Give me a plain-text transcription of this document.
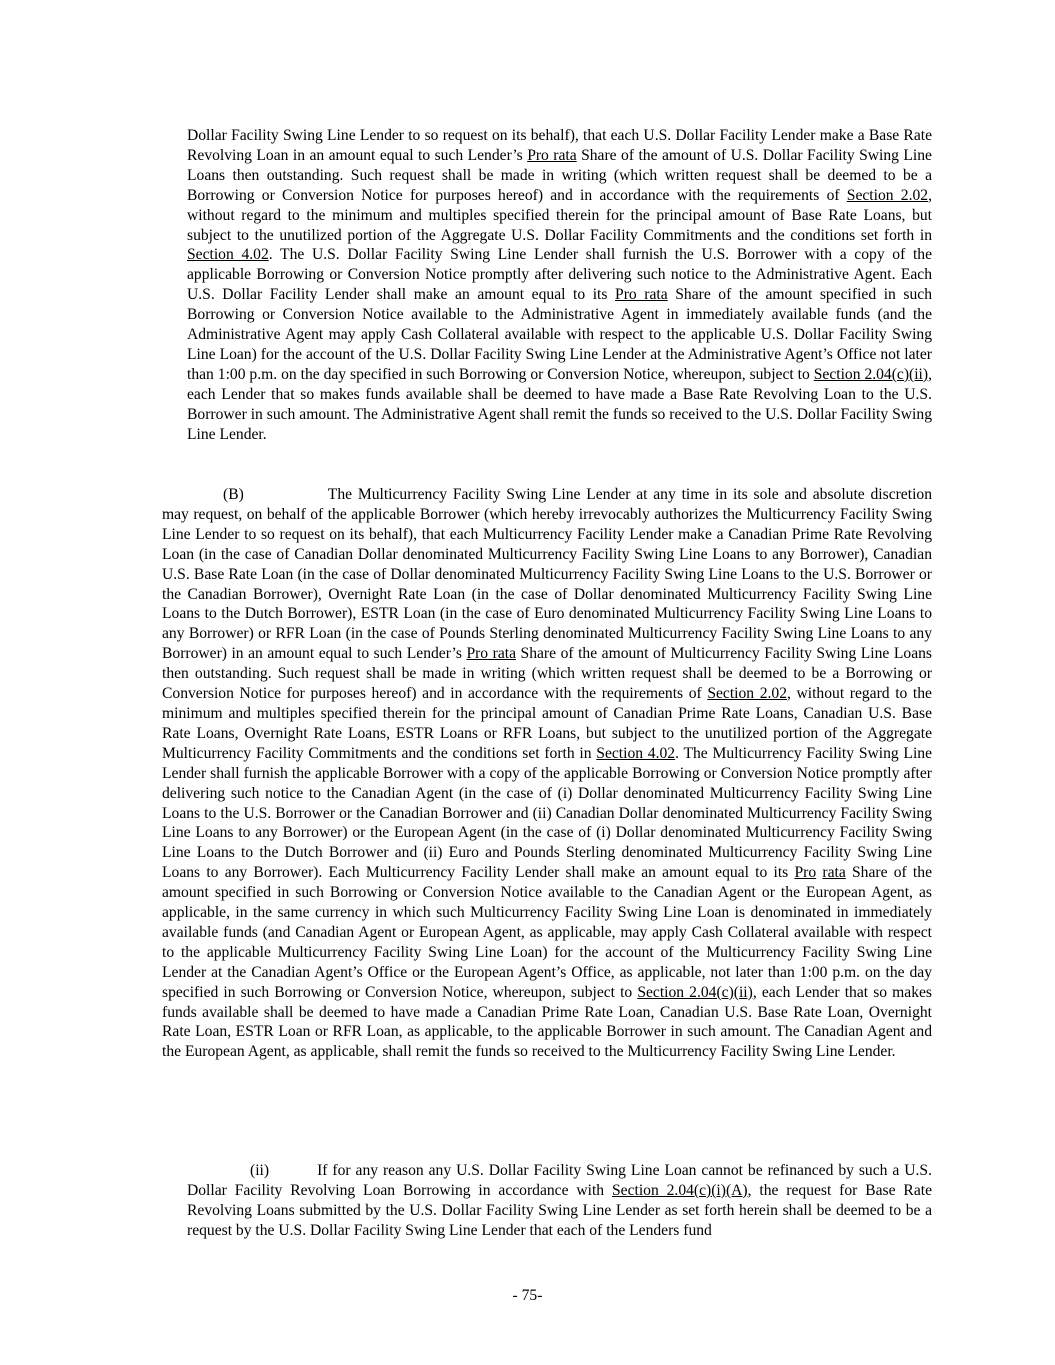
Dollar Facility Swing Line Lender to so request on its behalf), that each U.S. Dollar Facility Lender make a Base Rate Revolving Loan in an amount equal to such Lender’s Pro rata Share of the amount of U.S. Dollar Facility Swing Line Loans then outstanding. Such request shall be made in writing (which written request shall be deemed to be a Borrowing or Conversion Notice for purposes hereof) and in accordance with the requirements of Section 2.02, without regard to the minimum and multiples specified therein for the principal amount of Base Rate Loans, but subject to the unutilized portion of the Aggregate U.S. Dollar Facility Commitments and the conditions set forth in Section 4.02. The U.S. Dollar Facility Swing Line Lender shall furnish the U.S. Borrower with a copy of the applicable Borrowing or Conversion Notice promptly after delivering such notice to the Administrative Agent. Each U.S. Dollar Facility Lender shall make an amount equal to its Pro rata Share of the amount specified in such Borrowing or Conversion Notice available to the Administrative Agent in immediately available funds (and the Administrative Agent may apply Cash Collateral available with respect to the applicable U.S. Dollar Facility Swing Line Loan) for the account of the U.S. Dollar Facility Swing Line Lender at the Administrative Agent’s Office not later than 1:00 p.m. on the day specified in such Borrowing or Conversion Notice, whereupon, subject to Section 2.04(c)(ii), each Lender that so makes funds available shall be deemed to have made a Base Rate Revolving Loan to the U.S. Borrower in such amount. The Administrative Agent shall remit the funds so received to the U.S. Dollar Facility Swing Line Lender.
(B)	The Multicurrency Facility Swing Line Lender at any time in its sole and absolute discretion may request, on behalf of the applicable Borrower (which hereby irrevocably authorizes the Multicurrency Facility Swing Line Lender to so request on its behalf), that each Multicurrency Facility Lender make a Canadian Prime Rate Revolving Loan (in the case of Canadian Dollar denominated Multicurrency Facility Swing Line Loans to any Borrower), Canadian U.S. Base Rate Loan (in the case of Dollar denominated Multicurrency Facility Swing Line Loans to the U.S. Borrower or the Canadian Borrower), Overnight Rate Loan (in the case of Dollar denominated Multicurrency Facility Swing Line Loans to the Dutch Borrower), ESTR Loan (in the case of Euro denominated Multicurrency Facility Swing Line Loans to any Borrower) or RFR Loan (in the case of Pounds Sterling denominated Multicurrency Facility Swing Line Loans to any Borrower) in an amount equal to such Lender’s Pro rata Share of the amount of Multicurrency Facility Swing Line Loans then outstanding. Such request shall be made in writing (which written request shall be deemed to be a Borrowing or Conversion Notice for purposes hereof) and in accordance with the requirements of Section 2.02, without regard to the minimum and multiples specified therein for the principal amount of Canadian Prime Rate Loans, Canadian U.S. Base Rate Loans, Overnight Rate Loans, ESTR Loans or RFR Loans, but subject to the unutilized portion of the Aggregate Multicurrency Facility Commitments and the conditions set forth in Section 4.02. The Multicurrency Facility Swing Line Lender shall furnish the applicable Borrower with a copy of the applicable Borrowing or Conversion Notice promptly after delivering such notice to the Canadian Agent (in the case of (i) Dollar denominated Multicurrency Facility Swing Line Loans to the U.S. Borrower or the Canadian Borrower and (ii) Canadian Dollar denominated Multicurrency Facility Swing Line Loans to any Borrower) or the European Agent (in the case of (i) Dollar denominated Multicurrency Facility Swing Line Loans to the Dutch Borrower and (ii) Euro and Pounds Sterling denominated Multicurrency Facility Swing Line Loans to any Borrower). Each Multicurrency Facility Lender shall make an amount equal to its Pro rata Share of the amount specified in such Borrowing or Conversion Notice available to the Canadian Agent or the European Agent, as applicable, in the same currency in which such Multicurrency Facility Swing Line Loan is denominated in immediately available funds (and Canadian Agent or European Agent, as applicable, may apply Cash Collateral available with respect to the applicable Multicurrency Facility Swing Line Loan) for the account of the Multicurrency Facility Swing Line Lender at the Canadian Agent’s Office or the European Agent’s Office, as applicable, not later than 1:00 p.m. on the day specified in such Borrowing or Conversion Notice, whereupon, subject to Section 2.04(c)(ii), each Lender that so makes funds available shall be deemed to have made a Canadian Prime Rate Loan, Canadian U.S. Base Rate Loan, Overnight Rate Loan, ESTR Loan or RFR Loan, as applicable, to the applicable Borrower in such amount. The Canadian Agent and the European Agent, as applicable, shall remit the funds so received to the Multicurrency Facility Swing Line Lender.
(ii)	If for any reason any U.S. Dollar Facility Swing Line Loan cannot be refinanced by such a U.S. Dollar Facility Revolving Loan Borrowing in accordance with Section 2.04(c)(i)(A), the request for Base Rate Revolving Loans submitted by the U.S. Dollar Facility Swing Line Lender as set forth herein shall be deemed to be a request by the U.S. Dollar Facility Swing Line Lender that each of the Lenders fund
- 75-
